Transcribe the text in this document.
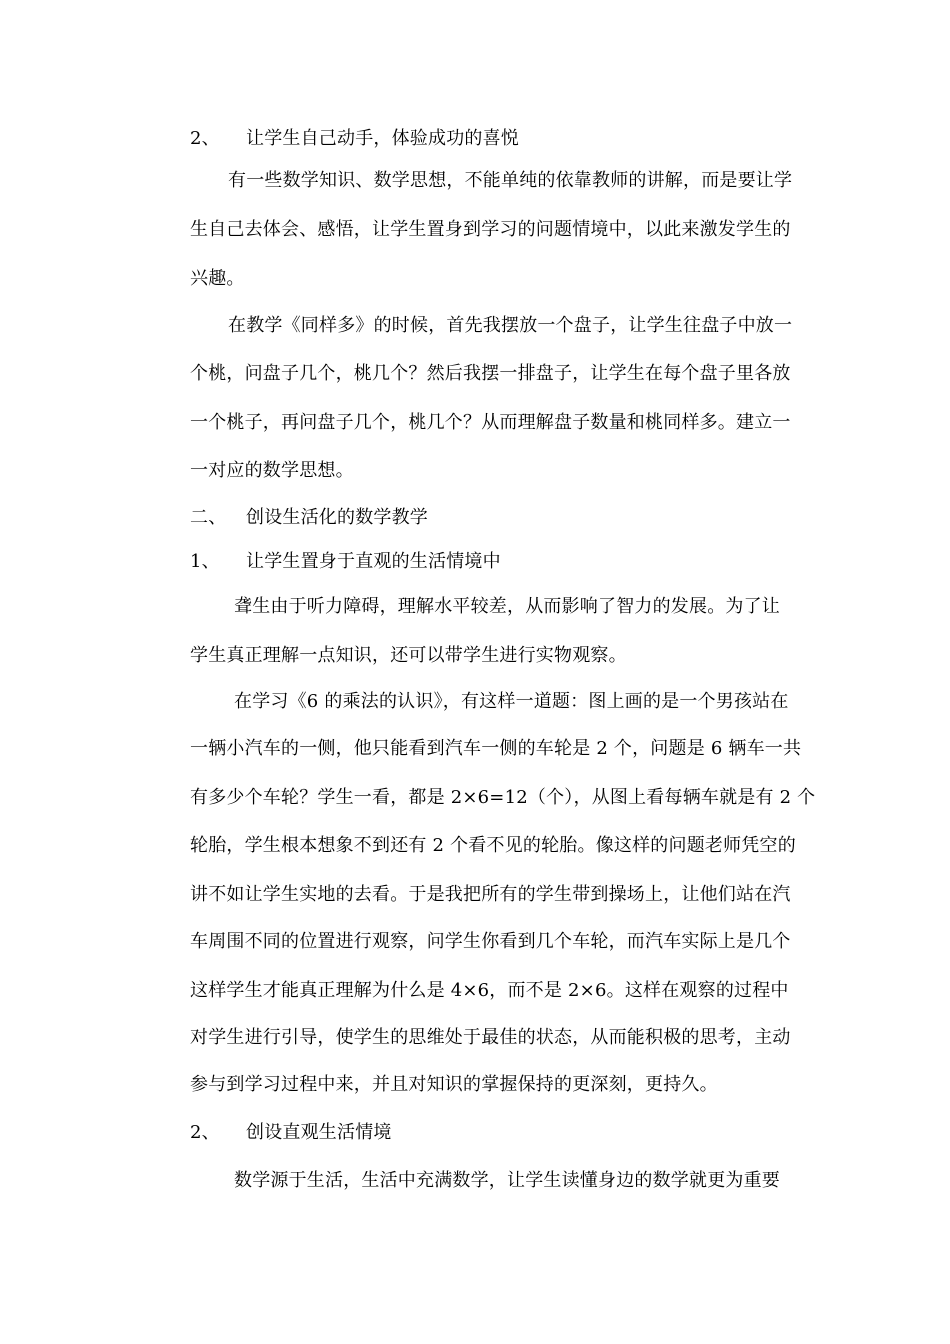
2、 让学生自己动手，体验成功的喜悦
有一些数学知识、数学思想，不能单纯的依靠教师的讲解，而是要让学
生自己去体会、感悟，让学生置身到学习的问题情境中，以此来激发学生的
兴趣。
在教学《同样多》的时候，首先我摆放一个盘子，让学生往盘子中放一
个桃，问盘子几个，桃几个？然后我摆一排盘子，让学生在每个盘子里各放
一个桃子，再问盘子几个，桃几个？从而理解盘子数量和桃同样多。建立一
一对应的数学思想。
二、 创设生活化的数学教学
1、 让学生置身于直观的生活情境中
聋生由于听力障碍，理解水平较差，从而影响了智力的发展。为了让
学生真正理解一点知识，还可以带学生进行实物观察。
在学习《6 的乘法的认识》，有这样一道题：图上画的是一个男孩站在
一辆小汽车的一侧，他只能看到汽车一侧的车轮是 2 个，问题是 6 辆车一共
有多少个车轮？学生一看，都是 2×6=12（个），从图上看每辆车就是有 2 个
轮胎，学生根本想象不到还有 2 个看不见的轮胎。像这样的问题老师凭空的
讲不如让学生实地的去看。于是我把所有的学生带到操场上，让他们站在汽
车周围不同的位置进行观察，问学生你看到几个车轮，而汽车实际上是几个
这样学生才能真正理解为什么是 4×6，而不是 2×6。这样在观察的过程中
对学生进行引导，使学生的思维处于最佳的状态，从而能积极的思考，主动
参与到学习过程中来，并且对知识的掌握保持的更深刻，更持久。
2、 创设直观生活情境
数学源于生活，生活中充满数学，让学生读懂身边的数学就更为重要
